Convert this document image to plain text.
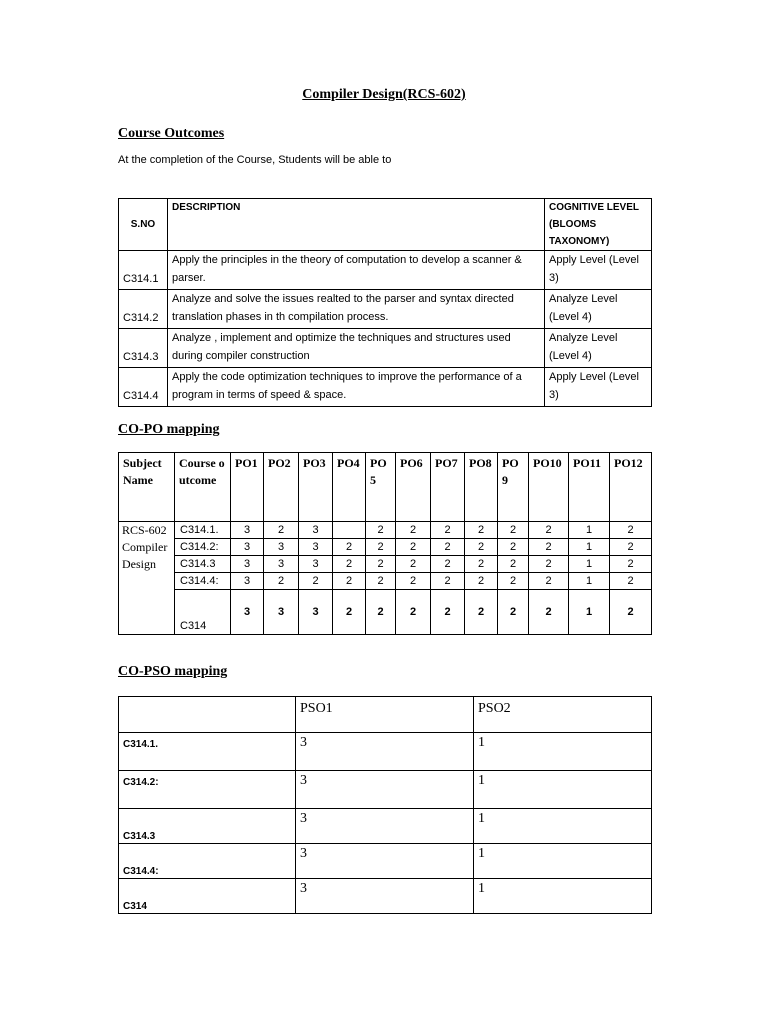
Compiler Design(RCS-602)
Course Outcomes
At the completion of the Course, Students will be able to
S.NO	DESCRIPTION	COGNITIVE LEVEL (BLOOMS TAXONOMY)
C314.1	Apply the principles in the theory of computation to develop a scanner & parser.	Apply Level (Level 3)
C314.2	Analyze and solve the issues realted to the parser and syntax directed translation phases in th compilation process.	Analyze Level (Level 4)
C314.3	Analyze , implement and optimize the techniques and structures used during compiler construction	Analyze Level (Level 4)
C314.4	Apply the code optimization techniques to improve the performance of a program in terms of speed & space.	Apply Level (Level 3)
CO-PO mapping
Subject Name	Course outcome	PO1	PO2	PO3	PO4	PO5	PO6	PO7	PO8	PO9	PO10	PO11	PO12
RCS-602 Compiler Design	C314.1.	3	2	3		2	2	2	2	2	2	1	2
	C314.2:	3	3	3	2	2	2	2	2	2	2	1	2
	C314.3	3	3	3	2	2	2	2	2	2	2	1	2
	C314.4:	3	2	2	2	2	2	2	2	2	2	1	2
	C314	3	3	3	2	2	2	2	2	2	2	1	2
CO-PSO mapping
	PSO1	PSO2
C314.1.	3	1
C314.2:	3	1
C314.3	3	1
C314.4:	3	1
C314	3	1
